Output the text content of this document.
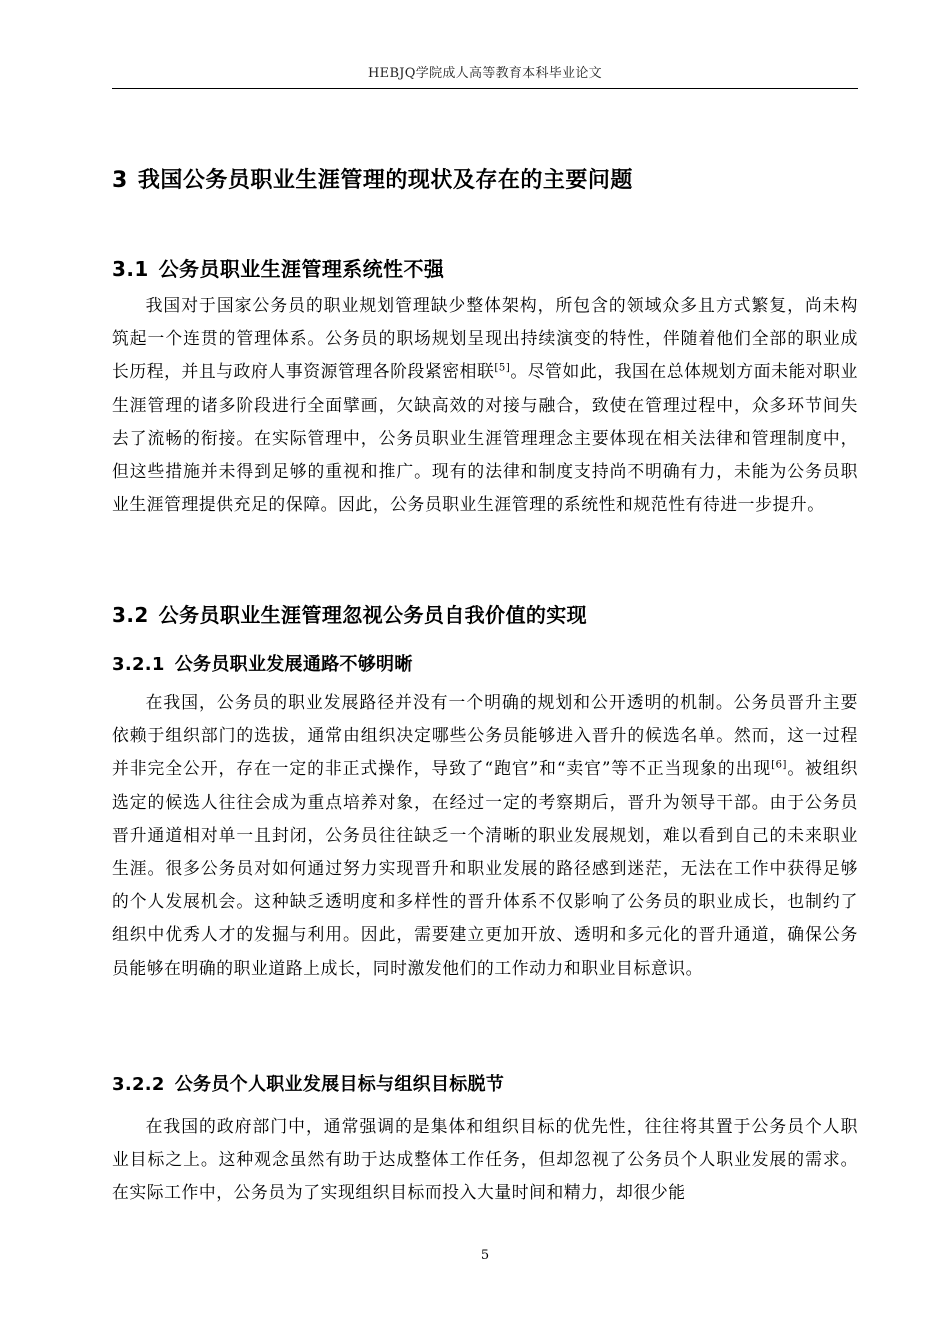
HEBJQ学院成人高等教育本科毕业论文
3 我国公务员职业生涯管理的现状及存在的主要问题
3.1 公务员职业生涯管理系统性不强

我国对于国家公务员的职业规划管理缺少整体架构，所包含的领域众多且方式繁复，尚未构筑起一个连贯的管理体系。公务员的职场规划呈现出持续演变的特性，伴随着他们全部的职业成长历程，并且与政府人事资源管理各阶段紧密相联[5]。尽管如此，我国在总体规划方面未能对职业生涯管理的诸多阶段进行全面擘画，欠缺高效的对接与融合，致使在管理过程中，众多环节间失去了流畅的衔接。在实际管理中，公务员职业生涯管理理念主要体现在相关法律和管理制度中，但这些措施并未得到足够的重视和推广。现有的法律和制度支持尚不明确有力，未能为公务员职业生涯管理提供充足的保障。因此，公务员职业生涯管理的系统性和规范性有待进一步提升。

3.2 公务员职业生涯管理忽视公务员自我价值的实现
3.2.1 公务员职业发展通路不够明晰

在我国，公务员的职业发展路径并没有一个明确的规划和公开透明的机制。公务员晋升主要依赖于组织部门的选拔，通常由组织决定哪些公务员能够进入晋升的候选名单。然而，这一过程并非完全公开，存在一定的非正式操作，导致了“跑官”和“卖官”等不正当现象的出现[6]。被组织选定的候选人往往会成为重点培养对象，在经过一定的考察期后，晋升为领导干部。由于公务员晋升通道相对单一且封闭，公务员往往缺乏一个清晰的职业发展规划，难以看到自己的未来职业生涯。很多公务员对如何通过努力实现晋升和职业发展的路径感到迷茫，无法在工作中获得足够的个人发展机会。这种缺乏透明度和多样性的晋升体系不仅影响了公务员的职业成长，也制约了组织中优秀人才的发掘与利用。因此，需要建立更加开放、透明和多元化的晋升通道，确保公务员能够在明确的职业道路上成长，同时激发他们的工作动力和职业目标意识。

3.2.2 公务员个人职业发展目标与组织目标脱节

在我国的政府部门中，通常强调的是集体和组织目标的优先性，往往将其置于公务员个人职业目标之上。这种观念虽然有助于达成整体工作任务，但却忽视了公务员个人职业发展的需求。在实际工作中，公务员为了实现组织目标而投入大量时间和精力，却很少能

5
